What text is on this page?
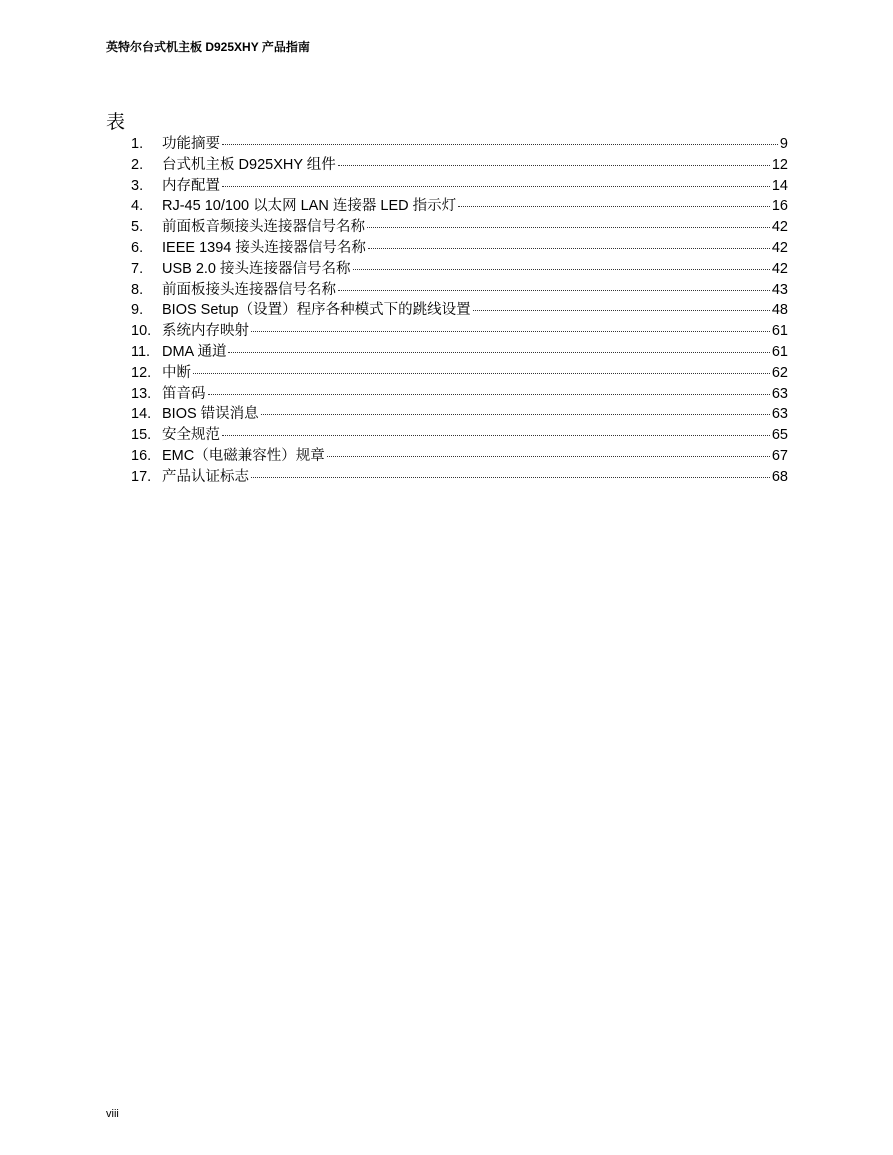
英特尔台式机主板 D925XHY 产品指南
表
1.	功能摘要	9
2.	台式机主板 D925XHY 组件	12
3.	内存配置	14
4.	RJ-45 10/100 以太网 LAN 连接器 LED 指示灯	16
5.	前面板音频接头连接器信号名称	42
6.	IEEE 1394 接头连接器信号名称	42
7.	USB 2.0 接头连接器信号名称	42
8.	前面板接头连接器信号名称	43
9.	BIOS Setup（设置）程序各种模式下的跳线设置	48
10. 系统内存映射	61
11. DMA 通道	61
12. 中断	62
13. 笛音码	63
14. BIOS 错误消息	63
15. 安全规范	65
16. EMC（电磁兼容性）规章	67
17. 产品认证标志	68
viii
